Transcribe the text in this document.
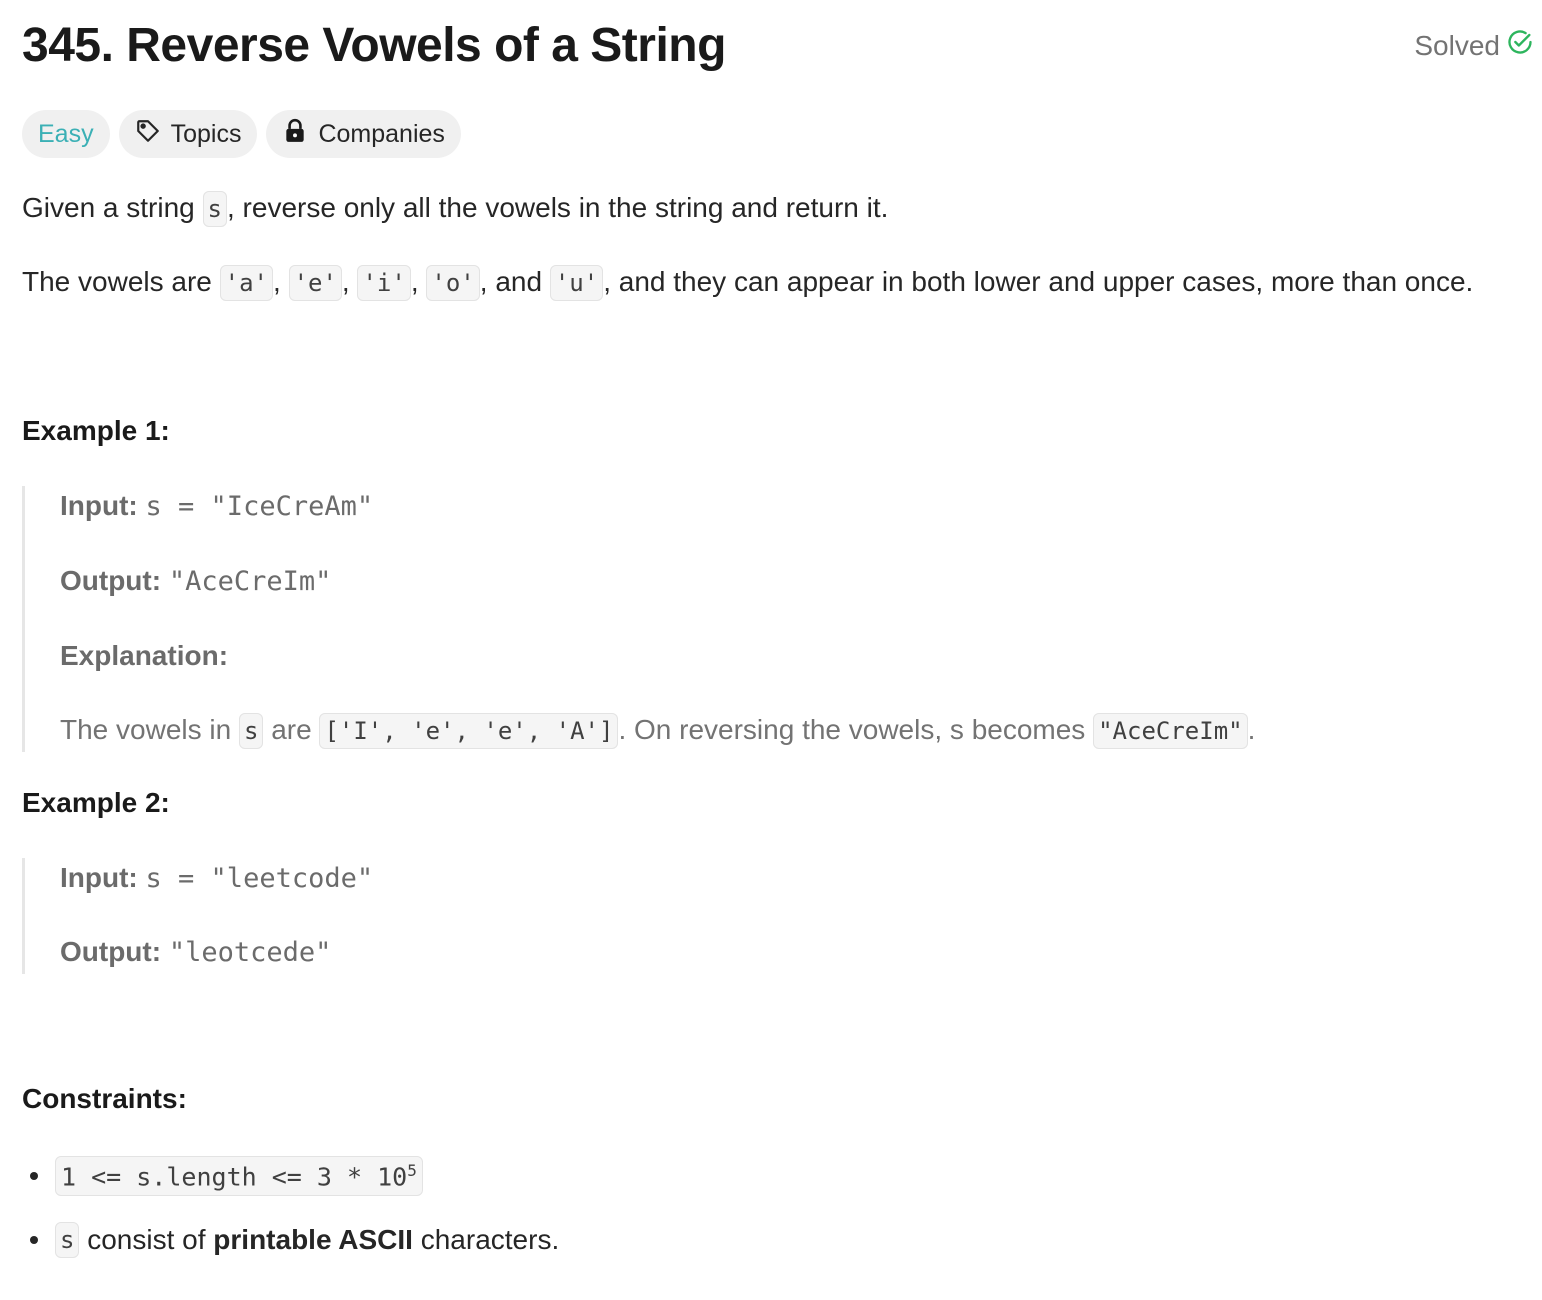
345. Reverse Vowels of a String	Solved
Easy	Topics	Companies
Given a string s , reverse only all the vowels in the string and return it.
The vowels are 'a' , 'e' , 'i' , 'o' , and 'u' , and they can appear in both lower and upper cases, more than once.
Example 1:
Input: s = "IceCreAm"
Output: "AceCreIm"
Explanation:
The vowels in s are ['I', 'e', 'e', 'A'] . On reversing the vowels, s becomes "AceCreIm" .
Example 2:
Input: s = "leetcode"
Output: "leotcede"
Constraints:
1 <= s.length <= $3 * 10^5$
s consist of printable ASCII characters.
